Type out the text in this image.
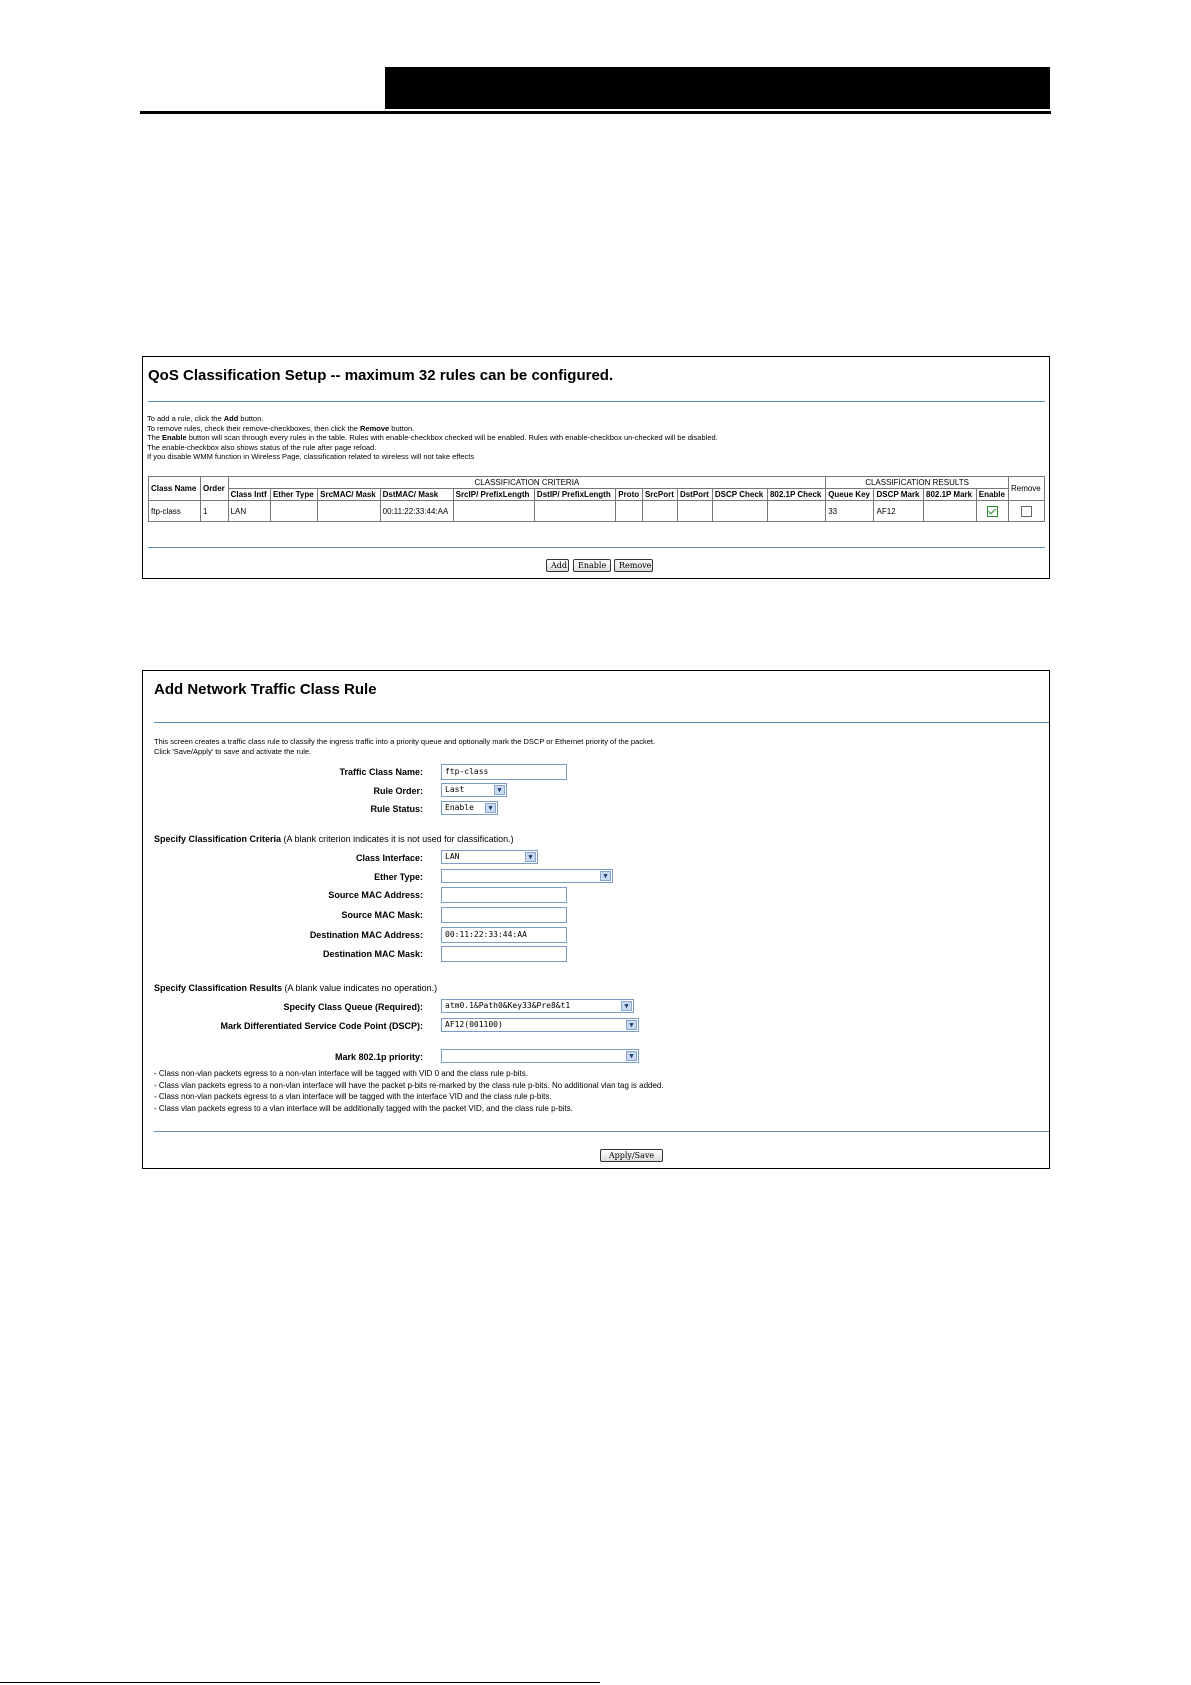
QoS Classification Setup -- maximum 32 rules can be configured.
To add a rule, click the Add button.
To remove rules, check their remove-checkboxes, then click the Remove button.
The Enable button will scan through every rules in the table. Rules with enable-checkbox checked will be enabled. Rules with enable-checkbox un-checked will be disabled.
The enable-checkbox also shows status of the rule after page reload.
If you disable WMM function in Wireless Page, classification related to wireless will not take effects
Class Name	Order	CLASSIFICATION CRITERIA											CLASSIFICATION RESULTS				Remove
		Class Intf	Ether Type	SrcMAC/ Mask	DstMAC/ Mask	SrcIP/ PrefixLength	DstIP/ PrefixLength	Proto	SrcPort	DstPort	DSCP Check	802.1P Check	Queue Key	DSCP Mark	802.1P Mark	Enable	
ftp-class	1	LAN			00:11:22:33:44:AA								33	AF12			
Add	Enable	Remove
Add Network Traffic Class Rule
This screen creates a traffic class rule to classify the ingress traffic into a priority queue and optionally mark the DSCP or Ethernet priority of the packet.
Click 'Save/Apply' to save and activate the rule.
Traffic Class Name:	ftp-class
Rule Order:	Last	▼
Rule Status:	Enable	▼
Specify Classification Criteria (A blank criterion indicates it is not used for classification.)
Class Interface:	LAN	▼
Ether Type:	▼
Source MAC Address:
Source MAC Mask:
Destination MAC Address:	00:11:22:33:44:AA
Destination MAC Mask:
Specify Classification Results (A blank value indicates no operation.)
Specify Class Queue (Required):	atm0.1&Path0&Key33&Pre8&t1	▼
Mark Differentiated Service Code Point (DSCP):	AF12(001100)	▼
Mark 802.1p priority:	▼
- Class non-vlan packets egress to a non-vlan interface will be tagged with VID 0 and the class rule p-bits.
- Class vlan packets egress to a non-vlan interface will have the packet p-bits re-marked by the class rule p-bits. No additional vlan tag is added.
- Class non-vlan packets egress to a vlan interface will be tagged with the interface VID and the class rule p-bits.
- Class vlan packets egress to a vlan interface will be additionally tagged with the packet VID, and the class rule p-bits.
Apply/Save
